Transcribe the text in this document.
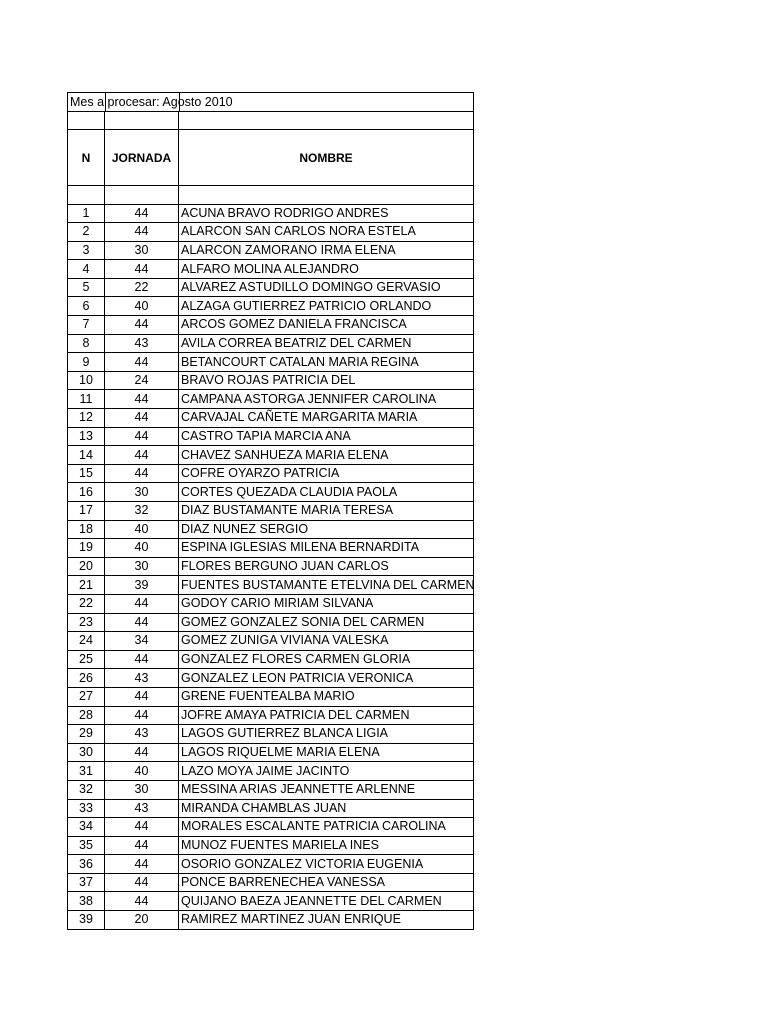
Mes a procesar: Agosto 2010		

N	JORNADA	NOMBRE

1	44	ACUNA BRAVO RODRIGO ANDRES
2	44	ALARCON SAN CARLOS NORA ESTELA
3	30	ALARCON ZAMORANO IRMA ELENA
4	44	ALFARO MOLINA ALEJANDRO
5	22	ALVAREZ ASTUDILLO DOMINGO GERVASIO
6	40	ALZAGA GUTIERREZ PATRICIO ORLANDO
7	44	ARCOS GOMEZ DANIELA FRANCISCA
8	43	AVILA CORREA BEATRIZ DEL CARMEN
9	44	BETANCOURT CATALAN MARIA REGINA
10	24	BRAVO ROJAS PATRICIA DEL
11	44	CAMPANA ASTORGA JENNIFER CAROLINA
12	44	CARVAJAL CAÑETE MARGARITA MARIA
13	44	CASTRO TAPIA MARCIA ANA
14	44	CHAVEZ SANHUEZA MARIA ELENA
15	44	COFRE OYARZO PATRICIA
16	30	CORTES QUEZADA CLAUDIA PAOLA
17	32	DIAZ BUSTAMANTE MARIA TERESA
18	40	DIAZ NUNEZ SERGIO
19	40	ESPINA IGLESIAS MILENA BERNARDITA
20	30	FLORES BERGUNO JUAN CARLOS
21	39	FUENTES BUSTAMANTE ETELVINA DEL CARMEN
22	44	GODOY CARIO MIRIAM SILVANA
23	44	GOMEZ GONZALEZ SONIA DEL CARMEN
24	34	GOMEZ ZUNIGA VIVIANA VALESKA
25	44	GONZALEZ FLORES CARMEN GLORIA
26	43	GONZALEZ LEON PATRICIA VERONICA
27	44	GRENE FUENTEALBA MARIO
28	44	JOFRE AMAYA PATRICIA DEL CARMEN
29	43	LAGOS GUTIERREZ BLANCA LIGIA
30	44	LAGOS RIQUELME MARIA ELENA
31	40	LAZO MOYA JAIME JACINTO
32	30	MESSINA ARIAS JEANNETTE ARLENNE
33	43	MIRANDA CHAMBLAS JUAN
34	44	MORALES ESCALANTE PATRICIA CAROLINA
35	44	MUNOZ FUENTES MARIELA INES
36	44	OSORIO GONZALEZ VICTORIA EUGENIA
37	44	PONCE BARRENECHEA VANESSA
38	44	QUIJANO BAEZA JEANNETTE DEL CARMEN
39	20	RAMIREZ MARTINEZ JUAN ENRIQUE
